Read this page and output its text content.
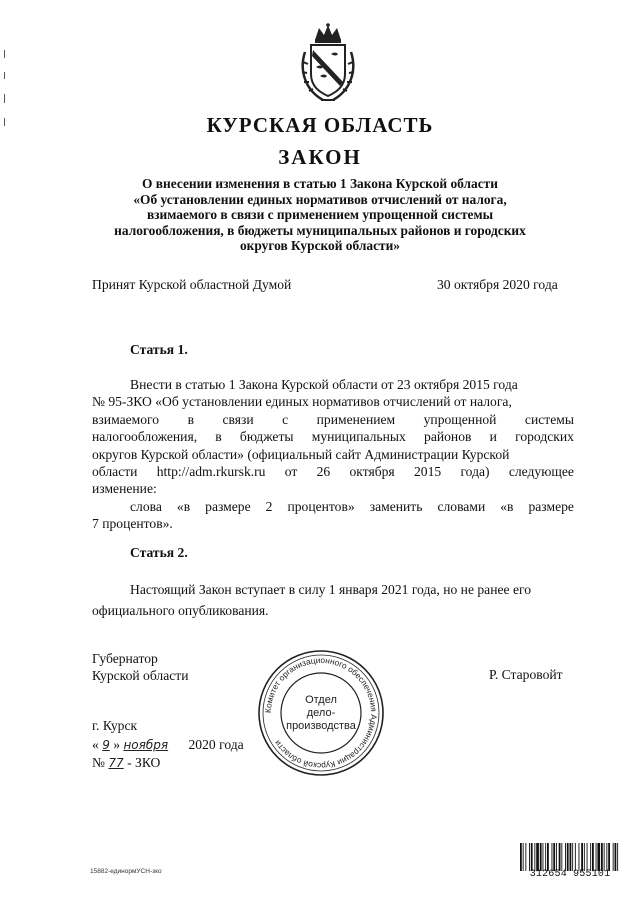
КУРСКАЯ ОБЛАСТЬ
ЗАКОН
О внесении изменения в статью 1 Закона Курской области
«Об установлении единых нормативов отчислений от налога,
взимаемого в связи с применением упрощенной системы
налогообложения, в бюджеты муниципальных районов и городских
округов Курской области»
Принят Курской областной Думой	30 октября 2020 года
Статья 1.
Внести в статью 1 Закона Курской области от 23 октября 2015 года
№ 95-ЗКО «Об установлении единых нормативов отчислений от налога,
взимаемого в связи с применением упрощенной системы
налогообложения, в бюджеты муниципальных районов и городских
округов Курской области» (официальный сайт Администрации Курской
области http://adm.rkursk.ru от 26 октября 2015 года) следующее
изменение:
слова «в размере 2 процентов» заменить словами «в размере
7 процентов».
Статья 2.
Настоящий Закон вступает в силу 1 января 2021 года, но не ранее его
официального опубликования.
Губернатор
Курской области	Р. Старовойт
Комитет организационного обеспечения Администрации Курской области
Отдел
дело-
производства
г. Курск
« 9 » ноября 2020 года
№ 77 - ЗКО
15882-единормУСН-зко	312654 955101
